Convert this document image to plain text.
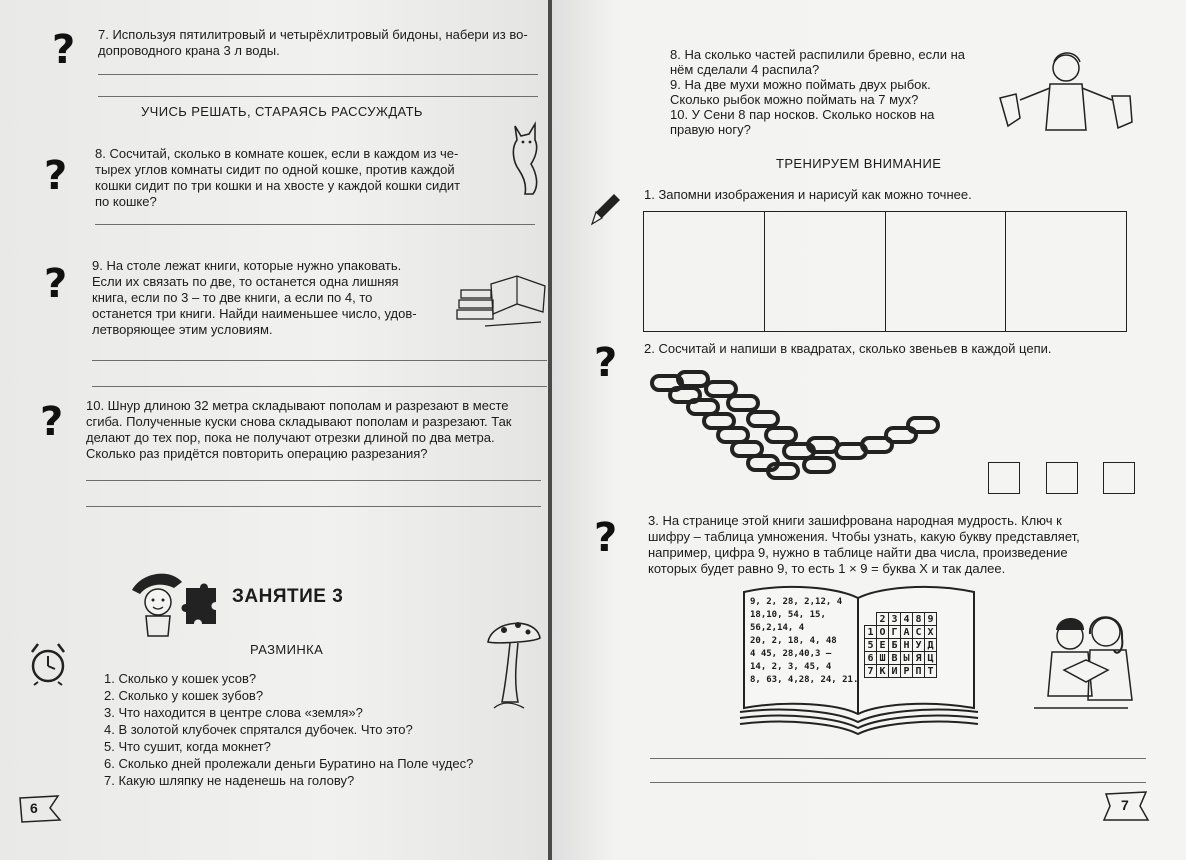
? 7. Используя пятилитровый и четырёхлитровый бидоны, набери из во-
допроводного крана 3 л воды.
УЧИСЬ РЕШАТЬ, СТАРАЯСЬ РАССУЖДАТЬ
? 8. Сосчитай, сколько в комнате кошек, если в каждом из че-
тырех углов комнаты сидит по одной кошке, против каждой
кошки сидит по три кошки и на хвосте у каждой кошки сидит
по кошке?
? 9. На столе лежат книги, которые нужно упаковать.
Если их связать по две, то останется одна лишняя
книга, если по 3 – то две книги, а если по 4, то
останется три книги. Найди наименьшее число, удов-
летворяющее этим условиям.
? 10. Шнур длиною 32 метра складывают пополам и разрезают в месте
сгиба. Полученные куски снова складывают пополам и разрезают. Так
делают до тех пор, пока не получают отрезки длиной по два метра.
Сколько раз придётся повторить операцию разрезания?
ЗАНЯТИЕ 3
РАЗМИНКА
1. Сколько у кошек усов?
2. Сколько у кошек зубов?
3. Что находится в центре слова «земля»?
4. В золотой клубочек спрятался дубочек. Что это?
5. Что сушит, когда мокнет?
6. Сколько дней пролежали деньги Буратино на Поле чудес?
7. Какую шляпку не наденешь на голову?
6
8. На сколько частей распилили бревно, если на
нём сделали 4 распила?
9. На две мухи можно поймать двух рыбок.
Сколько рыбок можно поймать на 7 мух?
10. У Сени 8 пар носков. Сколько носков на
правую ногу?
ТРЕНИРУЕМ ВНИМАНИЕ
1. Запомни изображения и нарисуй как можно точнее.
? 2. Сосчитай и напиши в квадратах, сколько звеньев в каждой цепи.
? 3. На странице этой книги зашифрована народная мудрость. Ключ к
шифру – таблица умножения. Чтобы узнать, какую букву представляет,
например, цифра 9, нужно в таблице найти два числа, произведение
которых будет равно 9, то есть 1 × 9 = буква Х и так далее.
9, 2, 28, 2,12, 4
18,10, 54, 15,
56,2,14, 4
20, 2, 18, 4, 48
4 45, 28,40,3 –
14, 2, 3, 45, 4
8, 63, 4,28, 24, 21.
	2	3	4	8	9
1	О	Г	А	С	Х
5	Е	Б	Н	У	Д
6	Ш	В	Ы	Я	Ц
7	К	И	Р	П	Т
7
